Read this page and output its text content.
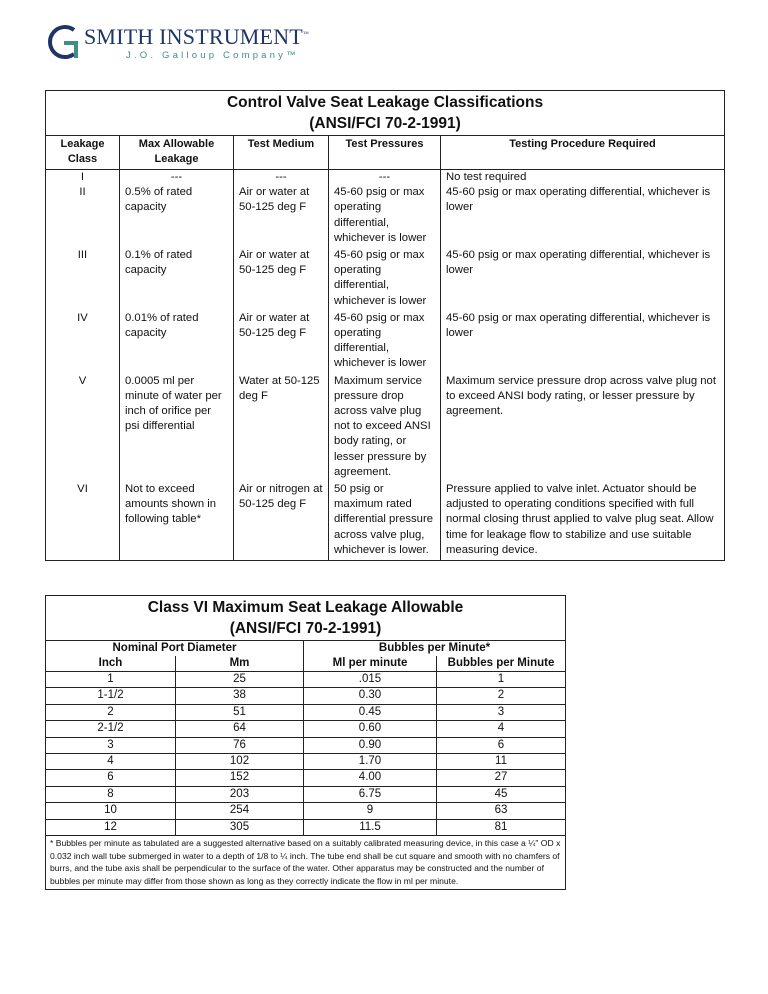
SMITH INSTRUMENT™
J.O. Galloup Company™
Control Valve Seat Leakage Classifications
(ANSI/FCI 70-2-1991)				

Leakage Class	Max Allowable Leakage	Test Medium	Test Pressures	Testing Procedure Required
I	---	---	---	No test required
II	0.5% of rated capacity	Air or water at 50-125 deg F	45-60 psig or max operating differential, whichever is lower	45-60 psig or max operating differential, whichever is lower
III	0.1% of rated capacity	Air or water at 50-125 deg F	45-60 psig or max operating differential, whichever is lower	45-60 psig or max operating differential, whichever is lower
IV	0.01% of rated capacity	Air or water at 50-125 deg F	45-60 psig or max operating differential, whichever is lower	45-60 psig or max operating differential, whichever is lower
V	0.0005 ml per minute of water per inch of orifice per psi differential	Water at 50-125 deg F	Maximum service pressure drop across valve plug not to exceed ANSI body rating, or lesser pressure by agreement.	Maximum service pressure drop across valve plug not to exceed ANSI body rating, or lesser pressure by agreement.
VI	Not to exceed amounts shown in following table*	Air or nitrogen at 50-125 deg F	50 psig or maximum rated differential pressure across valve plug, whichever is lower.	Pressure applied to valve inlet. Actuator should be adjusted to operating conditions specified with full normal closing thrust applied to valve plug seat. Allow time for leakage flow to stabilize and use suitable measuring device.
Class VI Maximum Seat Leakage Allowable
(ANSI/FCI 70-2-1991)			

Nominal Port Diameter		Bubbles per Minute*	
Inch	Mm	Ml per minute	Bubbles per Minute
1	25	.015	1
1-1/2	38	0.30	2
2	51	0.45	3
2-1/2	64	0.60	4
3	76	0.90	6
4	102	1.70	11
6	152	4.00	27
8	203	6.75	45
10	254	9	63
12	305	11.5	81
* Bubbles per minute as tabulated are a suggested alternative based on a suitably calibrated measuring device, in this case a ¼" OD x 0.032 inch wall tube submerged in water to a depth of 1/8 to ¼ inch. The tube end shall be cut square and smooth with no chamfers of burrs, and the tube axis shall be perpendicular to the surface of the water. Other apparatus may be constructed and the number of bubbles per minute may differ from those shown as long as they correctly indicate the flow in ml per minute.			
